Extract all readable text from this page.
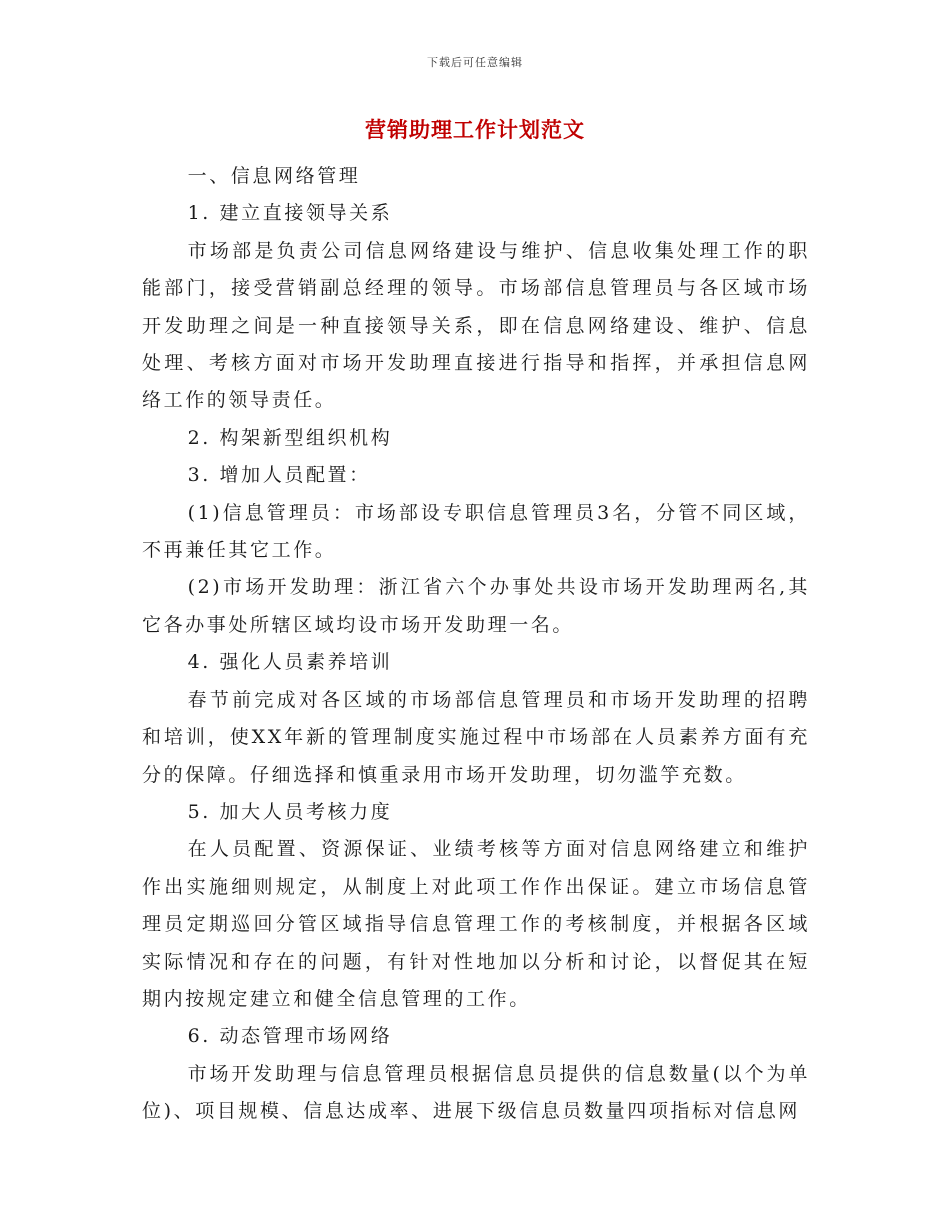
下载后可任意编辑
营销助理工作计划范文

一、信息网络管理

1. 建立直接领导关系

市场部是负责公司信息网络建设与维护、信息收集处理工作的职能部门，接受营销副总经理的领导。市场部信息管理员与各区域市场开发助理之间是一种直接领导关系，即在信息网络建设、维护、信息处理、考核方面对市场开发助理直接进行指导和指挥，并承担信息网络工作的领导责任。

2. 构架新型组织机构

3. 增加人员配置：

(1)信息管理员：市场部设专职信息管理员3名，分管不同区域，不再兼任其它工作。

(2)市场开发助理：浙江省六个办事处共设市场开发助理两名,其它各办事处所辖区域均设市场开发助理一名。

4. 强化人员素养培训

春节前完成对各区域的市场部信息管理员和市场开发助理的招聘和培训，使XX年新的管理制度实施过程中市场部在人员素养方面有充分的保障。仔细选择和慎重录用市场开发助理，切勿滥竽充数。

5. 加大人员考核力度

在人员配置、资源保证、业绩考核等方面对信息网络建立和维护作出实施细则规定，从制度上对此项工作作出保证。建立市场信息管理员定期巡回分管区域指导信息管理工作的考核制度，并根据各区域实际情况和存在的问题，有针对性地加以分析和讨论，以督促其在短期内按规定建立和健全信息管理的工作。

6. 动态管理市场网络

市场开发助理与信息管理员根据信息员提供的信息数量(以个为单位)、项目规模、信息达成率、进展下级信息员数量四项指标对信息网
